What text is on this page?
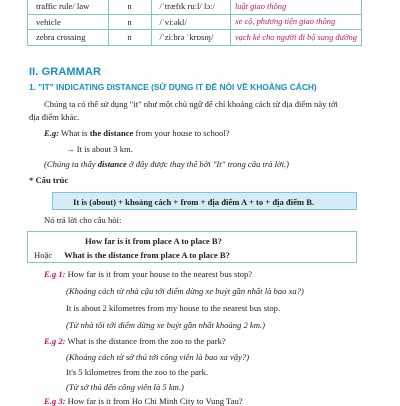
traffic rule/ law	n	/ˈtræfɪk ruːl/ lɔː/	luật giao thông
vehicle	n	/ˈviːəkl/	xe cộ, phương tiện giao thông
zebra crossing	n	/ˈziːbrə ˈkrɒsɪŋ/	vạch kẻ cho người đi bộ sang đường
II. GRAMMAR
1. "IT" INDICATING DISTANCE (SỬ DỤNG IT ĐỂ NÓI VỀ KHOẢNG CÁCH)
Chúng ta có thể sử dụng "it" như một chủ ngữ để chỉ khoảng cách từ địa điểm này tới
địa điểm khác.
E.g: What is the distance from your house to school?
→ It is about 3 km.
(Chúng ta thấy distance ở đây được thay thế bởi "It" trong câu trả lời.)
* Cấu trúc
It is (about) + khoảng cách + from + địa điểm A + to + địa điểm B.
Nó trả lời cho câu hỏi:
How far is it from place A to place B?
Hoặc What is the distance from place A to place B?
E.g 1: How far is it from your house to the nearest bus stop?
(Khoảng cách từ nhà cậu tới điểm dừng xe buýt gần nhất là bao xa?)
It is about 2 kilometres from my house to the nearest bus stop.
(Từ nhà tôi tới điểm dừng xe buýt gần nhất khoảng 2 km.)
E.g 2: What is the distance from the zoo to the park?
(Khoảng cách từ sở thú tới công viên là bao xa vậy?)
It's 5 kilometres from the zoo to the park.
(Từ sở thú đến công viên là 5 km.)
E.g 3: How far is it from Ho Chi Minh City to Vung Tau?
